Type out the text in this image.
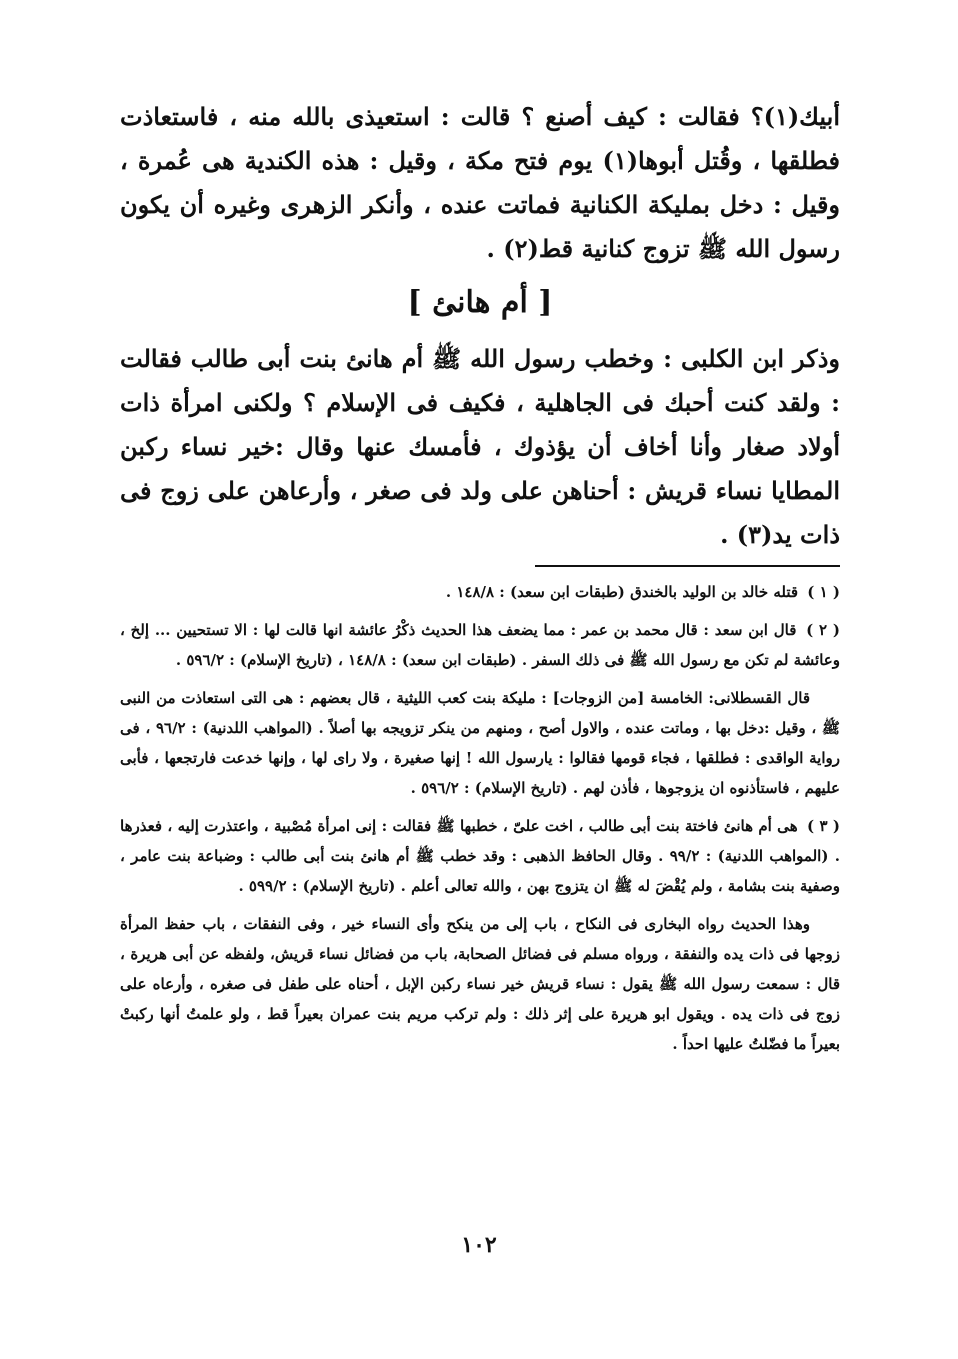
أبيك(١)؟ فقالت : كيف أصنع ؟ قالت : استعيذى بالله منه ، فاستعاذت فطلقها ، وقُتل أبوها(١) يوم فتح مكة ، وقيل : هذه الكندية هى عُمرة ، وقيل : دخل بمليكة الكنانية فماتت عنده ، وأنكر الزهرى وغيره أن يكون رسول الله ﷺ تزوج كنانية قط(٢) .

[ أم هانئ ]

وذكر ابن الكلبى : وخطب رسول الله ﷺ أم هانئ بنت أبى طالب فقالت : ولقد كنت أحبك فى الجاهلية ، فكيف فى الإسلام ؟ ولكنى امرأة ذات أولاد صغار وأنا أخاف أن يؤذوك ، فأمسك عنها وقال :خير نساء ركبن المطايا نساء قريش : أحناهن على ولد فى صغر ، وأرعاهن على زوج فى ذات يد(٣) .

( ١ ) قتله خالد بن الوليد بالخندق (طبقات ابن سعد) : ١٤٨/٨ .

( ٢ ) قال ابن سعد : قال محمد بن عمر : مما يضعف هذا الحديث ذكْرُ عائشة انها قالت لها : الا تستحيين ... إلخ ، وعائشة لم تكن مع رسول الله ﷺ فى ذلك السفر . (طبقات ابن سعد) : ١٤٨/٨ ، (تاريخ الإسلام) : ٥٩٦/٢ .

قال القسطلانى: الخامسة [من الزوجات] : مليكة بنت كعب الليثية ، قال بعضهم : هى التى استعاذت من النبى ﷺ ، وقيل :دخل بها ، وماتت عنده ، والاول أصح ، ومنهم من ينكر تزويجه بها أصلاً . (المواهب اللدنية) : ٩٦/٢ ، فى رواية الواقدى : فطلقها ، فجاء قومها فقالوا : يارسول الله ! إنها صغيرة ، ولا راى لها ، وإنها خدعت فارتجعها ، فأبى عليهم ، فاستأذنوه ان يزوجوها ، فأذن لهم . (تاريخ الإسلام) : ٥٩٦/٢ .

( ٣ ) هى أم هانئ فاختة بنت أبى طالب ، اخت علىّ ، خطبها ﷺ فقالت : إنى امرأة مُصْبية ، واعتذرت إليه ، فعذرها . (المواهب اللدنية) : ٩٩/٢ . وقال الحافظ الذهبى : وقد خطب ﷺ أم هانئ بنت أبى طالب : وضباعة بنت عامر ، وصفية بنت بشامة ، ولم يُقْضَ له ﷺ ان يتزوج بهن ، والله تعالى أعلم . (تاريخ الإسلام) : ٥٩٩/٢ .

وهذا الحديث رواه البخارى فى النكاح ، باب إلى من ينكح وأى النساء خير ، وفى النفقات ، باب حفظ المرأة زوجها فى ذات يده والنفقة ، ورواه مسلم فى فضائل الصحابة، باب من فضائل نساء قريش، ولفظه عن أبى هريرة ، قال : سمعت رسول الله ﷺ يقول : نساء قريش خير نساء ركبن الإبل ، أحناه على طفل فى صغره ، وأرعاه على زوج فى ذات يده . ويقول ابو هريرة على إثر ذلك : ولم تركب مريم بنت عمران بعيراً قط ، ولو علمتُ أنها ركبتْ بعيراً ما فضّلتُ عليها احداً .

١٠٢
